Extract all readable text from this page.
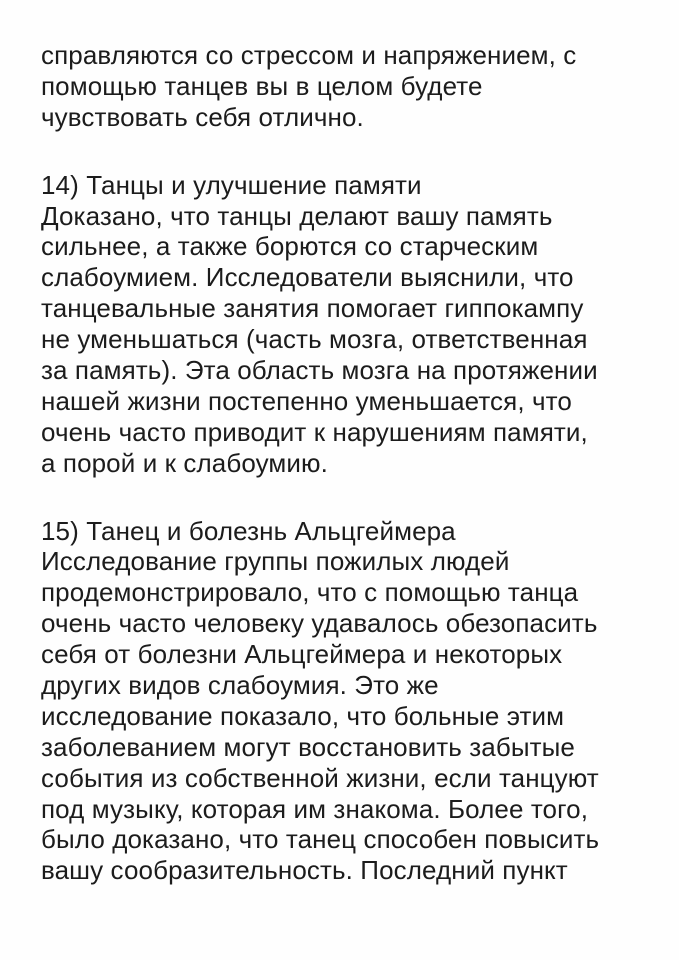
справляются со стрессом и напряжением, с
помощью танцев вы в целом будете
чувствовать себя отлично.
14) Танцы и улучшение памяти
Доказано, что танцы делают вашу память
сильнее, а также борются со старческим
слабоумием. Исследователи выяснили, что
танцевальные занятия помогает гиппокампу
не уменьшаться (часть мозга, ответственная
за память). Эта область мозга на протяжении
нашей жизни постепенно уменьшается, что
очень часто приводит к нарушениям памяти,
а порой и к слабоумию.
15) Танец и болезнь Альцгеймера
Исследование группы пожилых людей
продемонстрировало, что с помощью танца
очень часто человеку удавалось обезопасить
себя от болезни Альцгеймера и некоторых
других видов слабоумия. Это же
исследование показало, что больные этим
заболеванием могут восстановить забытые
события из собственной жизни, если танцуют
под музыку, которая им знакома. Более того,
было доказано, что танец способен повысить
вашу сообразительность. Последний пункт
